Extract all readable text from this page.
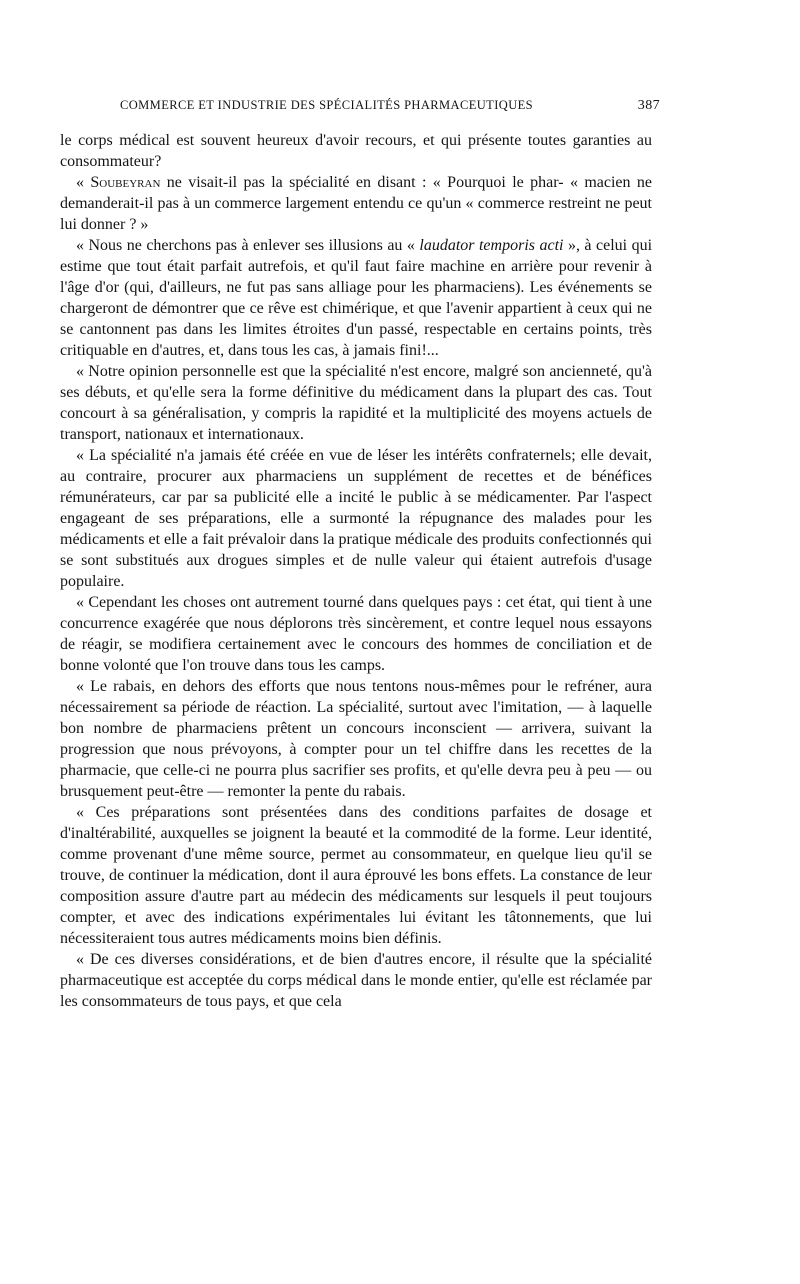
COMMERCE ET INDUSTRIE DES SPÉCIALITÉS PHARMACEUTIQUES	387

le corps médical est souvent heureux d'avoir recours, et qui présente toutes garanties au consommateur?

« Soubeyran ne visait-il pas la spécialité en disant : « Pourquoi le phar- « macien ne demanderait-il pas à un commerce largement entendu ce qu'un « commerce restreint ne peut lui donner ? »

« Nous ne cherchons pas à enlever ses illusions au « laudator temporis acti », à celui qui estime que tout était parfait autrefois, et qu'il faut faire machine en arrière pour revenir à l'âge d'or (qui, d'ailleurs, ne fut pas sans alliage pour les pharmaciens). Les événements se chargeront de démontrer que ce rêve est chimérique, et que l'avenir appartient à ceux qui ne se cantonnent pas dans les limites étroites d'un passé, respectable en certains points, très critiquable en d'autres, et, dans tous les cas, à jamais fini!...

« Notre opinion personnelle est que la spécialité n'est encore, malgré son ancienneté, qu'à ses débuts, et qu'elle sera la forme définitive du médicament dans la plupart des cas. Tout concourt à sa généralisation, y compris la rapidité et la multiplicité des moyens actuels de transport, nationaux et internationaux.

« La spécialité n'a jamais été créée en vue de léser les intérêts confraternels; elle devait, au contraire, procurer aux pharmaciens un supplément de recettes et de bénéfices rémunérateurs, car par sa publicité elle a incité le public à se médicamenter. Par l'aspect engageant de ses préparations, elle a surmonté la répugnance des malades pour les médicaments et elle a fait prévaloir dans la pratique médicale des produits confectionnés qui se sont substitués aux drogues simples et de nulle valeur qui étaient autrefois d'usage populaire.

« Cependant les choses ont autrement tourné dans quelques pays : cet état, qui tient à une concurrence exagérée que nous déplorons très sincèrement, et contre lequel nous essayons de réagir, se modifiera certainement avec le concours des hommes de conciliation et de bonne volonté que l'on trouve dans tous les camps.

« Le rabais, en dehors des efforts que nous tentons nous-mêmes pour le refréner, aura nécessairement sa période de réaction. La spécialité, surtout avec l'imitation, — à laquelle bon nombre de pharmaciens prêtent un concours inconscient — arrivera, suivant la progression que nous prévoyons, à compter pour un tel chiffre dans les recettes de la pharmacie, que celle-ci ne pourra plus sacrifier ses profits, et qu'elle devra peu à peu — ou brusquement peut-être — remonter la pente du rabais.

« Ces préparations sont présentées dans des conditions parfaites de dosage et d'inaltérabilité, auxquelles se joignent la beauté et la commodité de la forme. Leur identité, comme provenant d'une même source, permet au consommateur, en quelque lieu qu'il se trouve, de continuer la médication, dont il aura éprouvé les bons effets. La constance de leur composition assure d'autre part au médecin des médicaments sur lesquels il peut toujours compter, et avec des indications expérimentales lui évitant les tâtonnements, que lui nécessiteraient tous autres médicaments moins bien définis.

« De ces diverses considérations, et de bien d'autres encore, il résulte que la spécialité pharmaceutique est acceptée du corps médical dans le monde entier, qu'elle est réclamée par les consommateurs de tous pays, et que cela
